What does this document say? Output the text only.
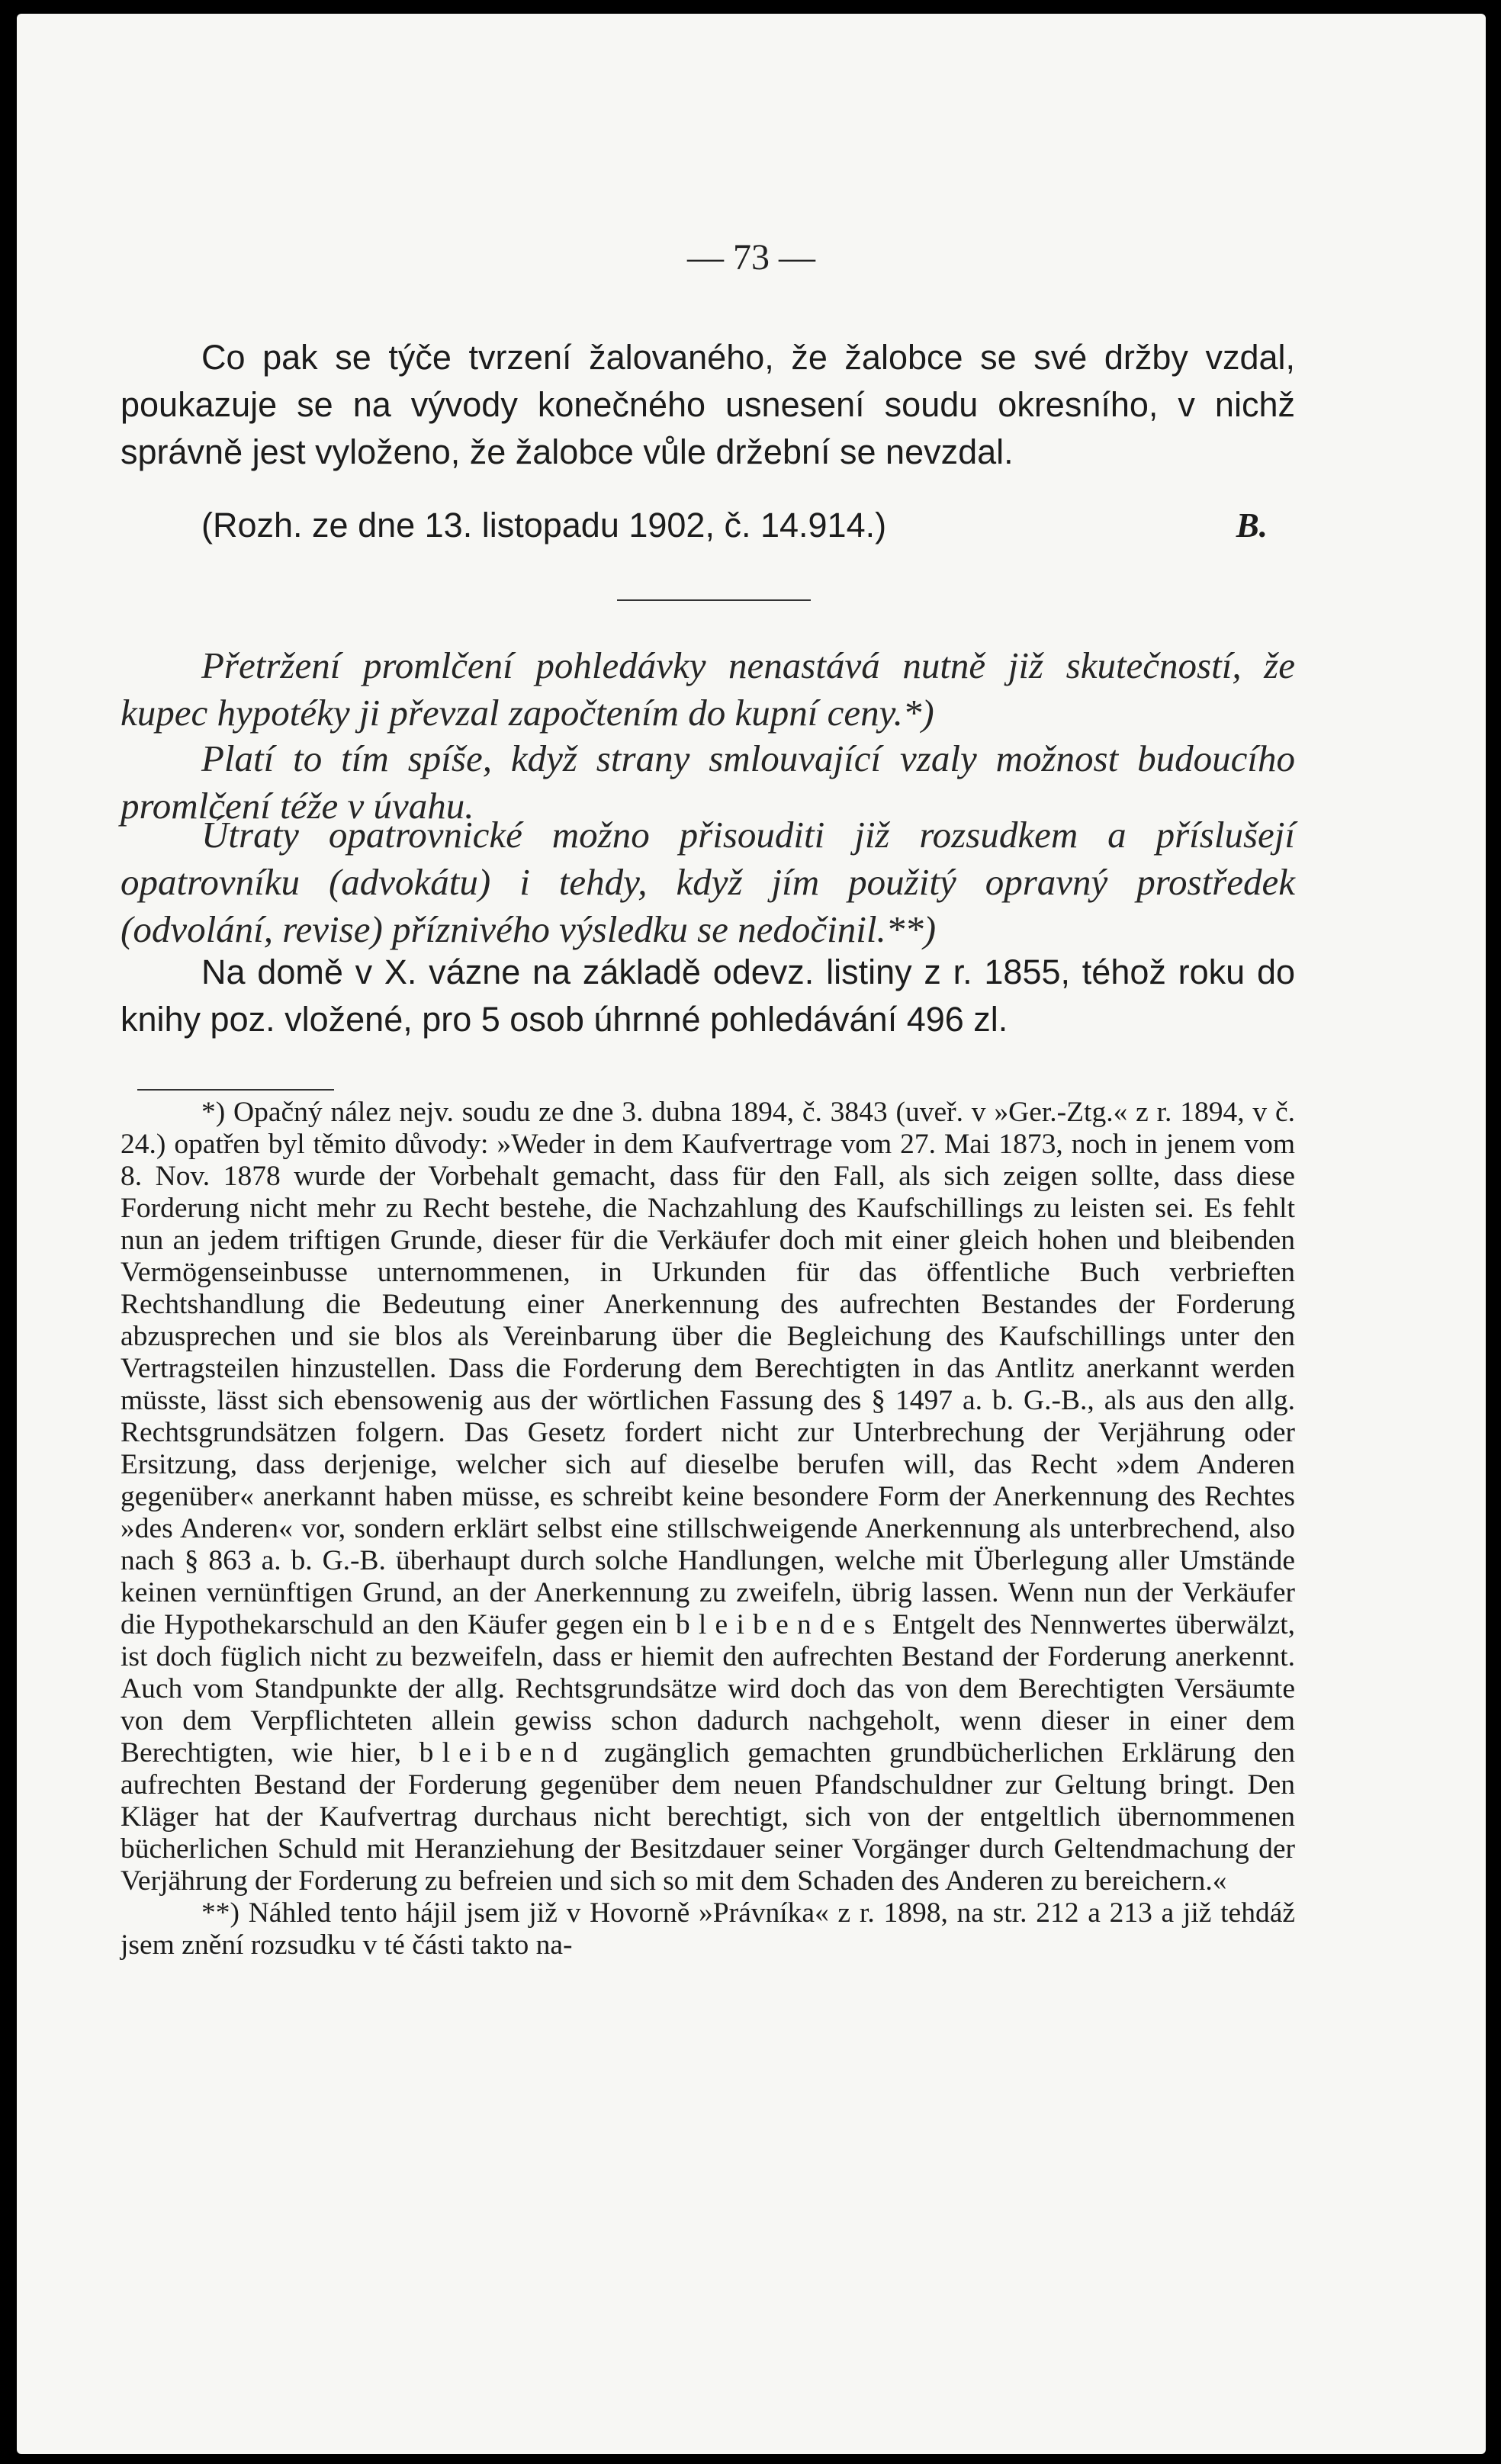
— 73 —

Co pak se týče tvrzení žalovaného, že žalobce se své držby vzdal, poukazuje se na vývody konečného usnesení soudu okresního, v nichž správně jest vyloženo, že žalobce vůle držební se nevzdal.

(Rozh. ze dne 13. listopadu 1902, č. 14.914.)	B.

Přetržení promlčení pohledávky nenastává nutně již skutečností, že kupec hypotéky ji převzal započtením do kupní ceny.*)

Platí to tím spíše, když strany smlouvající vzaly možnost budoucího promlčení téže v úvahu.

Útraty opatrovnické možno přisouditi již rozsudkem a příslušejí opatrovníku (advokátu) i tehdy, když jím použitý opravný prostředek (odvolání, revise) příznivého výsledku se nedočinil.**)

Na domě v X. vázne na základě odevz. listiny z r. 1855, téhož roku do knihy poz. vložené, pro 5 osob úhrnné pohledávání 496 zl.

*) Opačný nález nejv. soudu ze dne 3. dubna 1894, č. 3843 (uveř. v »Ger.-Ztg.« z r. 1894, v č. 24.) opatřen byl těmito důvody: »Weder in dem Kaufvertrage vom 27. Mai 1873, noch in jenem vom 8. Nov. 1878 wurde der Vorbehalt gemacht, dass für den Fall, als sich zeigen sollte, dass diese Forderung nicht mehr zu Recht bestehe, die Nachzahlung des Kaufschillings zu leisten sei. Es fehlt nun an jedem triftigen Grunde, dieser für die Verkäufer doch mit einer gleich hohen und bleibenden Vermögenseinbusse unternommenen, in Urkunden für das öffentliche Buch verbrieften Rechtshandlung die Bedeutung einer Anerkennung des aufrechten Bestandes der Forderung abzusprechen und sie blos als Vereinbarung über die Begleichung des Kaufschillings unter den Vertragsteilen hinzustellen. Dass die Forderung dem Berechtigten in das Antlitz anerkannt werden müsste, lässt sich ebensowenig aus der wörtlichen Fassung des § 1497 a. b. G.-B., als aus den allg. Rechtsgrundsätzen folgern. Das Gesetz fordert nicht zur Unterbrechung der Verjährung oder Ersitzung, dass derjenige, welcher sich auf dieselbe berufen will, das Recht »dem Anderen gegenüber« anerkannt haben müsse, es schreibt keine besondere Form der Anerkennung des Rechtes »des Anderen« vor, sondern erklärt selbst eine stillschweigende Anerkennung als unterbrechend, also nach § 863 a. b. G.-B. überhaupt durch solche Handlungen, welche mit Überlegung aller Umstände keinen vernünftigen Grund, an der Anerkennung zu zweifeln, übrig lassen. Wenn nun der Verkäufer die Hypothekarschuld an den Käufer gegen ein bleibendes Entgelt des Nennwertes überwälzt, ist doch füglich nicht zu bezweifeln, dass er hiemit den aufrechten Bestand der Forderung anerkennt. Auch vom Standpunkte der allg. Rechtsgrundsätze wird doch das von dem Berechtigten Versäumte von dem Verpflichteten allein gewiss schon dadurch nachgeholt, wenn dieser in einer dem Berechtigten, wie hier, bleibend zugänglich gemachten grundbücherlichen Erklärung den aufrechten Bestand der Forderung gegenüber dem neuen Pfandschuldner zur Geltung bringt. Den Kläger hat der Kaufvertrag durchaus nicht berechtigt, sich von der entgeltlich übernommenen bücherlichen Schuld mit Heranziehung der Besitzdauer seiner Vorgänger durch Geltendmachung der Verjährung der Forderung zu befreien und sich so mit dem Schaden des Anderen zu bereichern.«

**) Náhled tento hájil jsem již v Hovorně »Právníka« z r. 1898, na str. 212 a 213 a již tehdáž jsem znění rozsudku v té části takto na-
